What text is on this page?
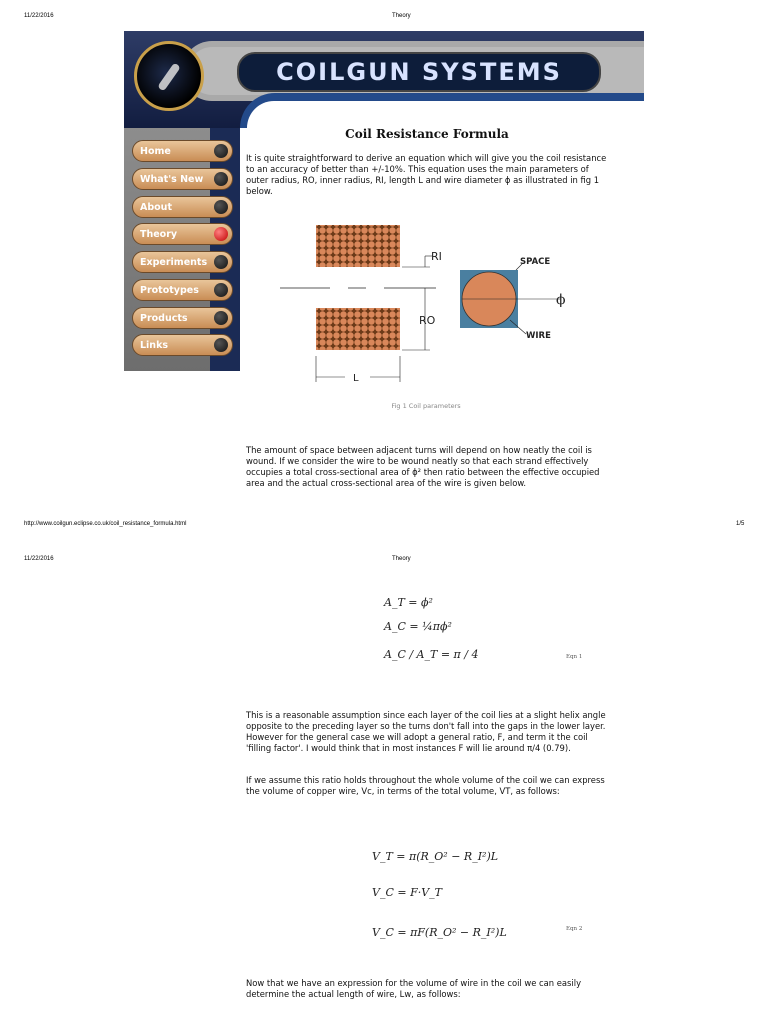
11/22/2016	Theory
COILGUN SYSTEMS
Home
What's New
About
Theory
Experiments
Prototypes
Products
Links
Coil Resistance Formula
It is quite straightforward to derive an equation which will give you the coil resistance to an accuracy of better than +/-10%. This equation uses the main parameters of outer radius, RO, inner radius, RI, length L and wire diameter ϕ as illustrated in fig 1 below.
RI
RO
L
SPACE
WIRE
ϕ
Fig 1 Coil parameters
The amount of space between adjacent turns will depend on how neatly the coil is wound. If we consider the wire to be wound neatly so that each strand effectively occupies a total cross-sectional area of ϕ² then ratio between the effective occupied area and the actual cross-sectional area of the wire is given below.
http://www.coilgun.eclipse.co.uk/coil_resistance_formula.html	1/5
11/22/2016	Theory
A_T = ϕ²
A_C = ¼πϕ²
A_C / A_T = π / 4	Eqn 1
This is a reasonable assumption since each layer of the coil lies at a slight helix angle opposite to the preceding layer so the turns don't fall into the gaps in the lower layer. However for the general case we will adopt a general ratio, F, and term it the coil 'filling factor'. I would think that in most instances F will lie around π/4 (0.79).
If we assume this ratio holds throughout the whole volume of the coil we can express the volume of copper wire, Vc, in terms of the total volume, VT, as follows:
V_T = π(R_O² − R_I²)L
V_C = F·V_T
V_C = πF(R_O² − R_I²)L	Eqn 2
Now that we have an expression for the volume of wire in the coil we can easily determine the actual length of wire, Lw, as follows:
